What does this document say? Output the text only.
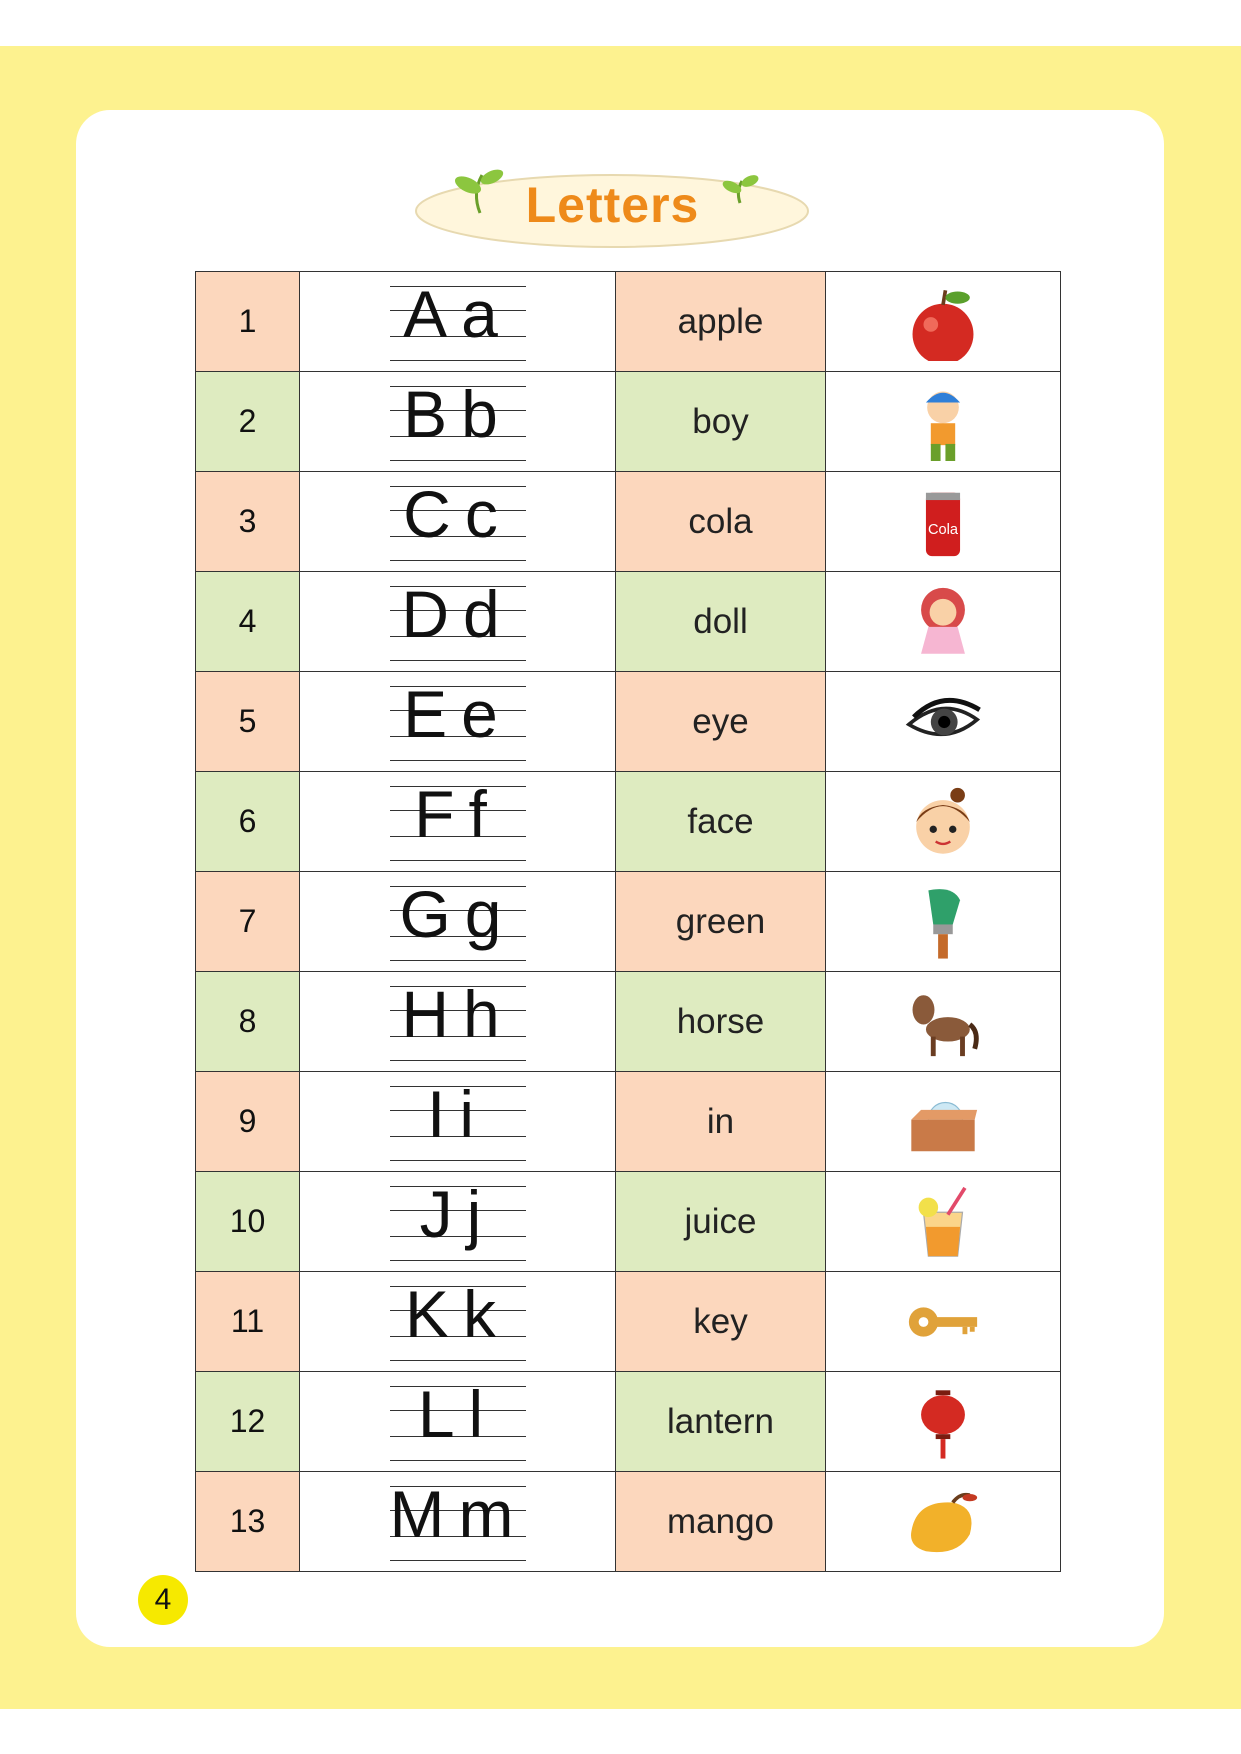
Letters
1	Aa	apple	

2	Bb	boy	

3	Cc	cola	Cola

4	Dd	doll	

5	Ee	eye	

6	Ff	face	

7	Gg	green	

8	Hh	horse	

9	Ii	in	

10	Jj	juice	

11	Kk	key	

12	Ll	lantern	

13	Mm	mango	
4
